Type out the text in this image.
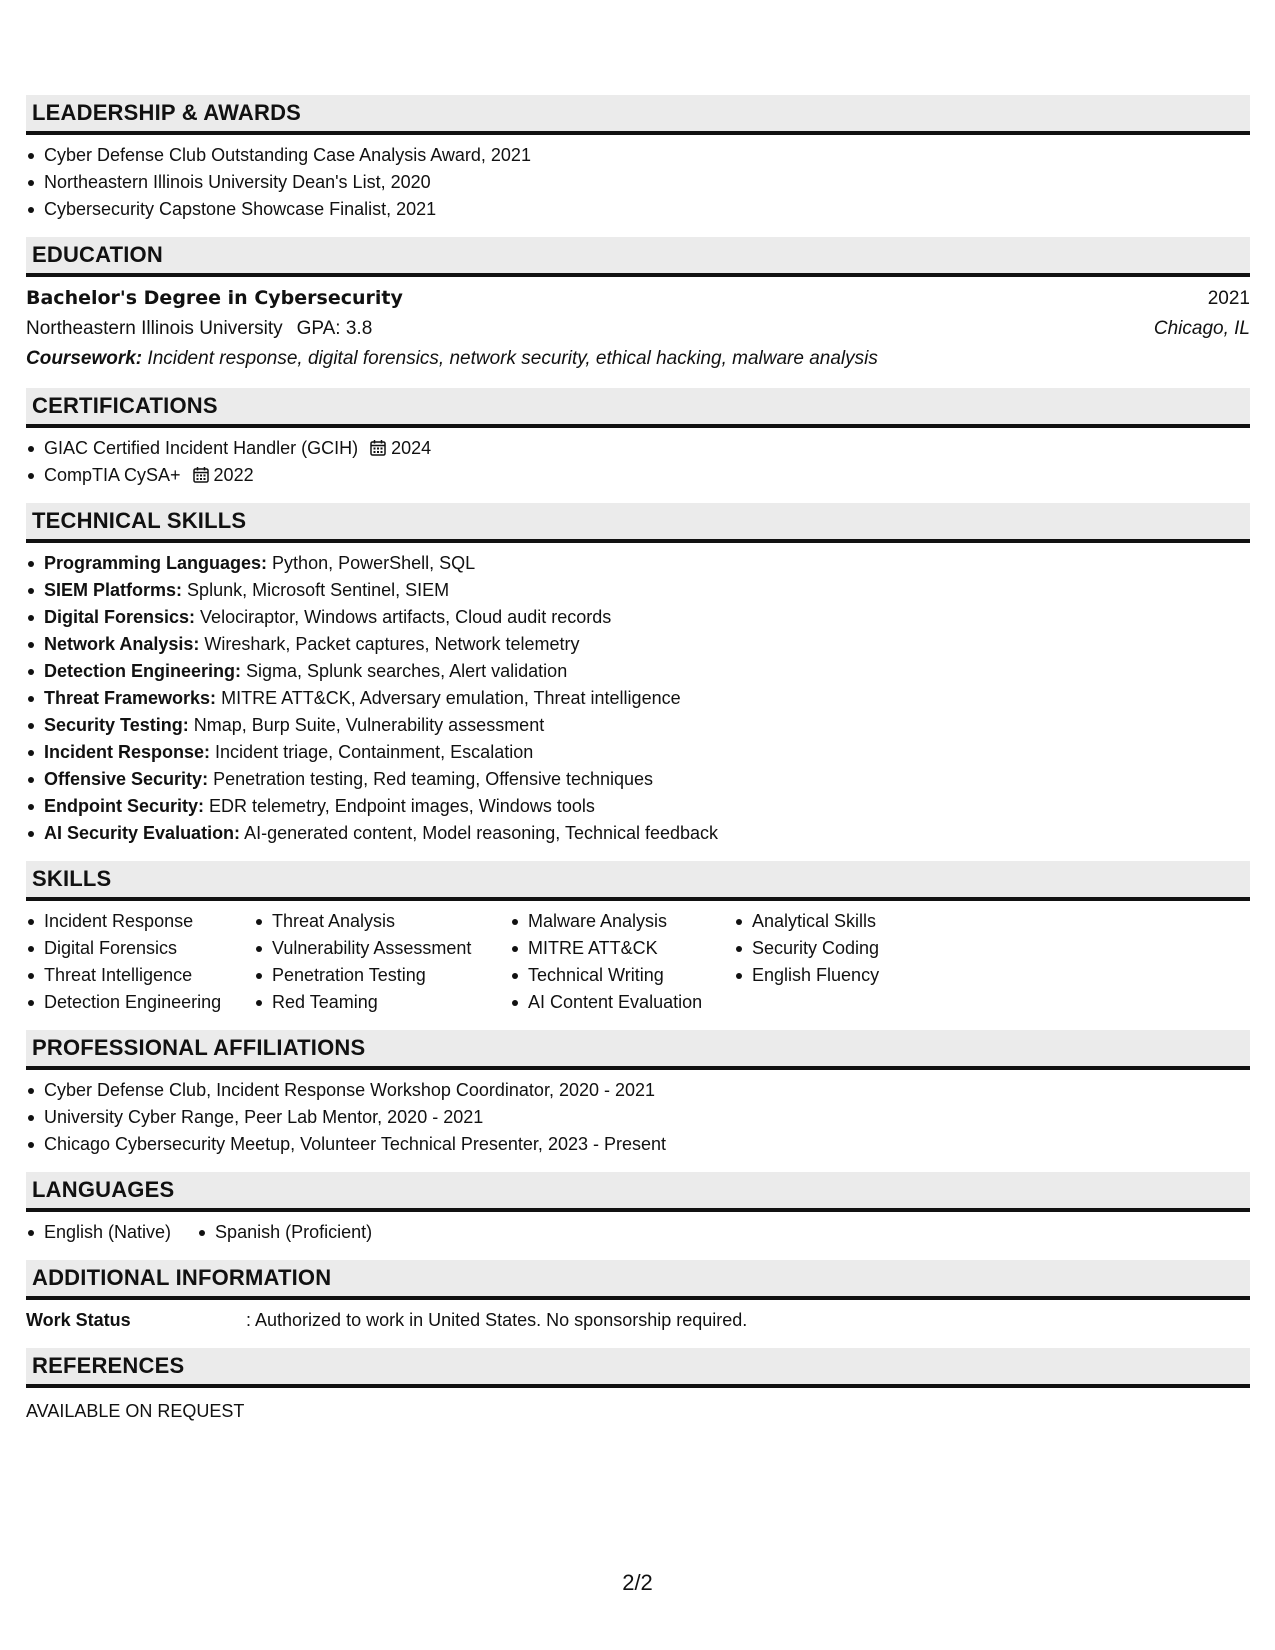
LEADERSHIP & AWARDS
Cyber Defense Club Outstanding Case Analysis Award, 2021
Northeastern Illinois University Dean's List, 2020
Cybersecurity Capstone Showcase Finalist, 2021
EDUCATION
Bachelor's Degree in Cybersecurity	2021
Northeastern Illinois University GPA: 3.8	Chicago, IL
Coursework: Incident response, digital forensics, network security, ethical hacking, malware analysis
CERTIFICATIONS
GIAC Certified Incident Handler (GCIH) 2024
CompTIA CySA+ 2022
TECHNICAL SKILLS
Programming Languages: Python, PowerShell, SQL
SIEM Platforms: Splunk, Microsoft Sentinel, SIEM
Digital Forensics: Velociraptor, Windows artifacts, Cloud audit records
Network Analysis: Wireshark, Packet captures, Network telemetry
Detection Engineering: Sigma, Splunk searches, Alert validation
Threat Frameworks: MITRE ATT&CK, Adversary emulation, Threat intelligence
Security Testing: Nmap, Burp Suite, Vulnerability assessment
Incident Response: Incident triage, Containment, Escalation
Offensive Security: Penetration testing, Red teaming, Offensive techniques
Endpoint Security: EDR telemetry, Endpoint images, Windows tools
AI Security Evaluation: AI-generated content, Model reasoning, Technical feedback
SKILLS
Incident Response
Digital Forensics
Threat Intelligence
Detection Engineering
Threat Analysis
Vulnerability Assessment
Penetration Testing
Red Teaming
Malware Analysis
MITRE ATT&CK
Technical Writing
AI Content Evaluation
Analytical Skills
Security Coding
English Fluency
PROFESSIONAL AFFILIATIONS
Cyber Defense Club, Incident Response Workshop Coordinator, 2020 - 2021
University Cyber Range, Peer Lab Mentor, 2020 - 2021
Chicago Cybersecurity Meetup, Volunteer Technical Presenter, 2023 - Present
LANGUAGES
English (Native)	Spanish (Proficient)
ADDITIONAL INFORMATION
Work Status	: Authorized to work in United States. No sponsorship required.
REFERENCES
AVAILABLE ON REQUEST
2/2
